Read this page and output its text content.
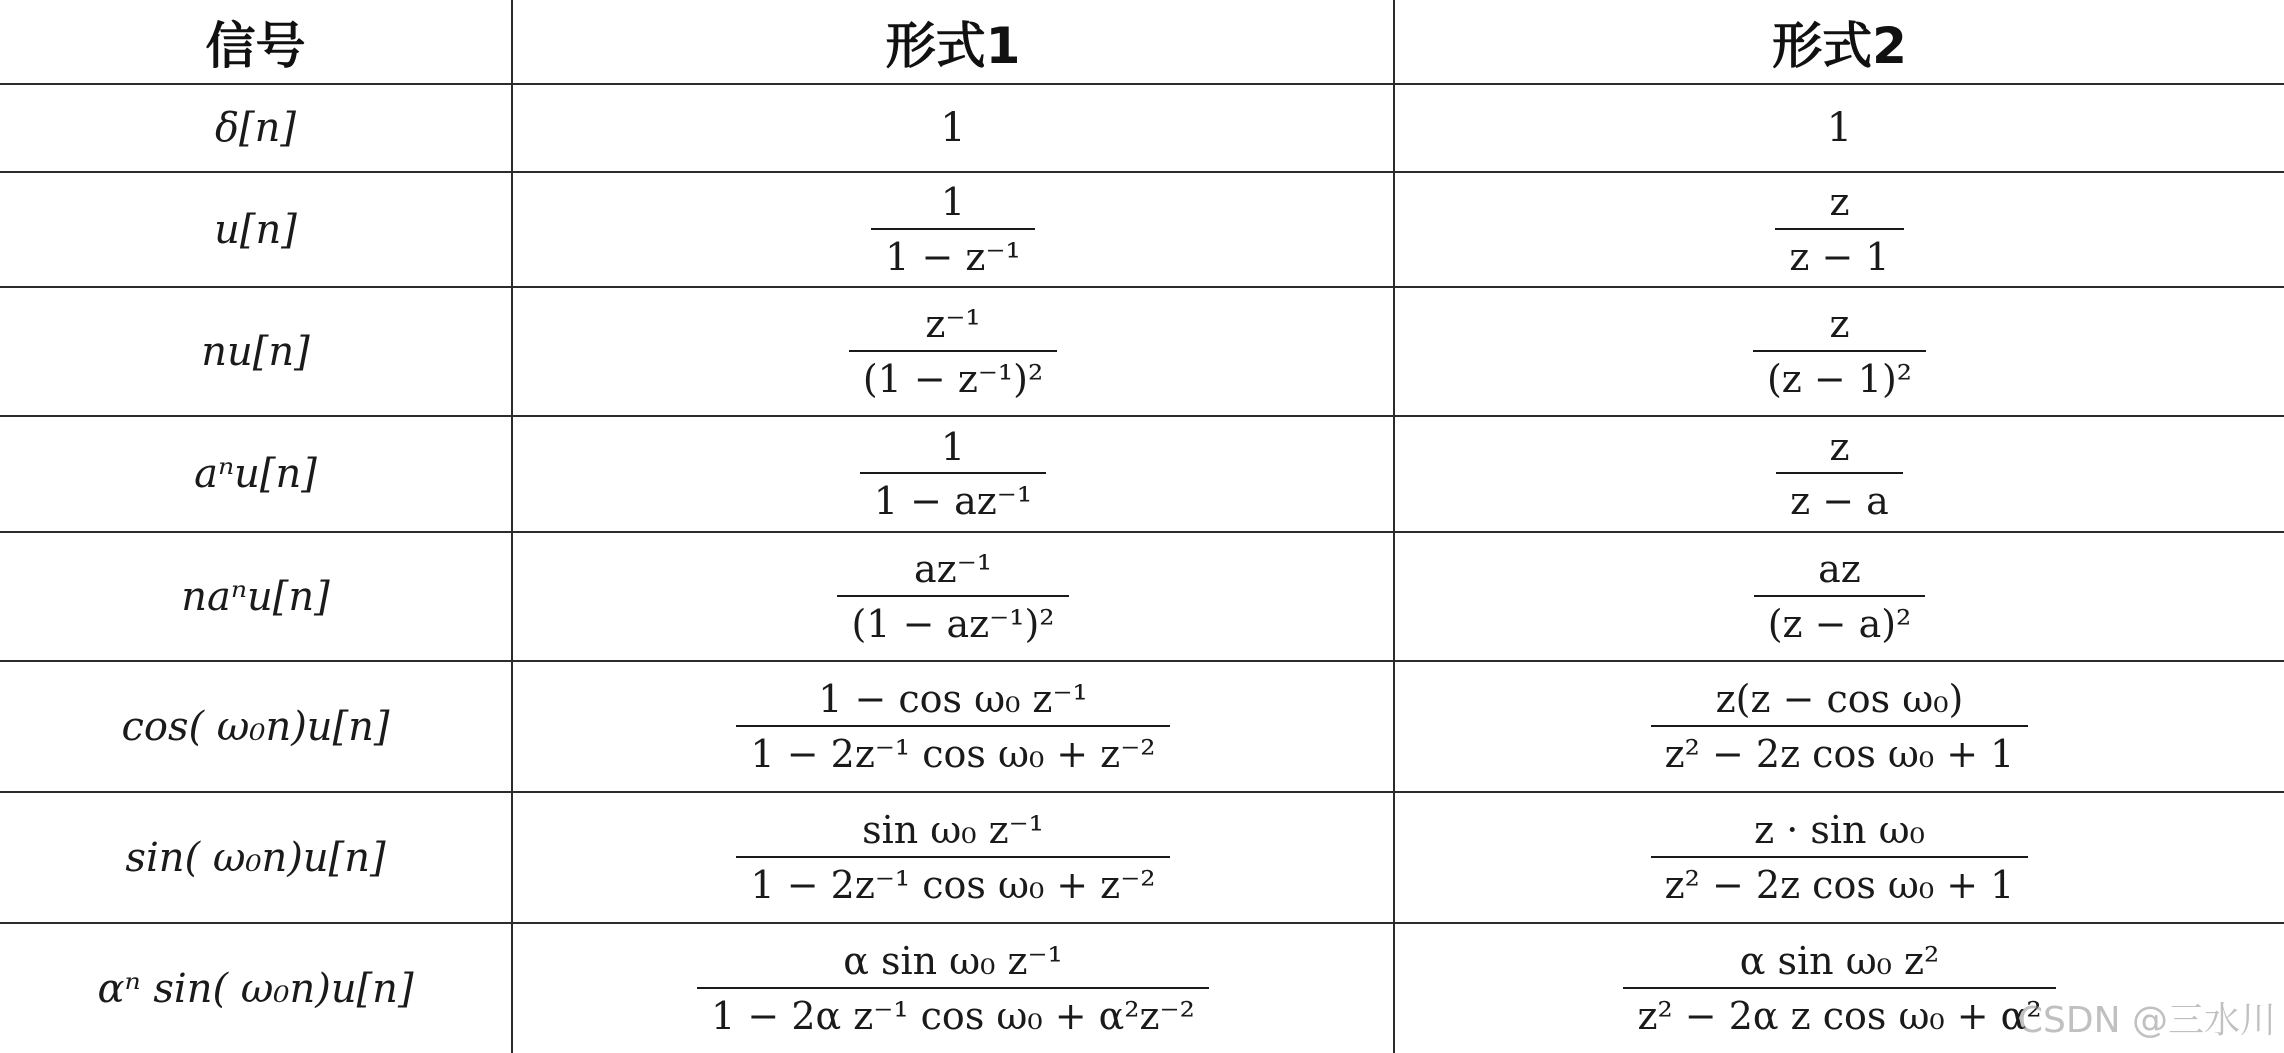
信号	形式1	形式2
δ[n]	1	1
u[n]	$\frac{1}{\text{1 − z⁻¹}}$	$\frac{z}{z - 1}$

nu[n]	$\frac{\text{z⁻¹}}{\text{(1 − z⁻¹)²}}$	$\frac{z}{\text{(z − 1)²}}$

aⁿu[n]	$\frac{1}{\text{1 − az⁻¹}}$	$\frac{z}{z - a}$

naⁿu[n]	$\frac{\text{az⁻¹}}{\text{(1 − az⁻¹)²}}$	$\frac{az}{\text{(z − a)²}}$

cos( ω₀n)u[n]	$\frac{\text{1 − cos ω₀ z⁻¹}}{\text{1 − 2z⁻¹ cos ω₀ + z⁻²}}$	$\frac{\text{z(z − cos ω₀)}}{\text{z² − 2z cos ω₀ + 1}}$

sin( ω₀n)u[n]	$\frac{\text{sin ω₀ z⁻¹}}{\text{1 − 2z⁻¹ cos ω₀ + z⁻²}}$	$\frac{\text{z · sin ω₀}}{\text{z² − 2z cos ω₀ + 1}}$

αⁿ sin( ω₀n)u[n]	$\frac{\text{α sin ω₀ z⁻¹}}{\text{1 − 2α z⁻¹ cos ω₀ + α²z⁻²}}$	$\frac{\text{α sin ω₀ z²}}{\text{z² − 2α z cos ω₀ + α²}}$
CSDN @三水川
